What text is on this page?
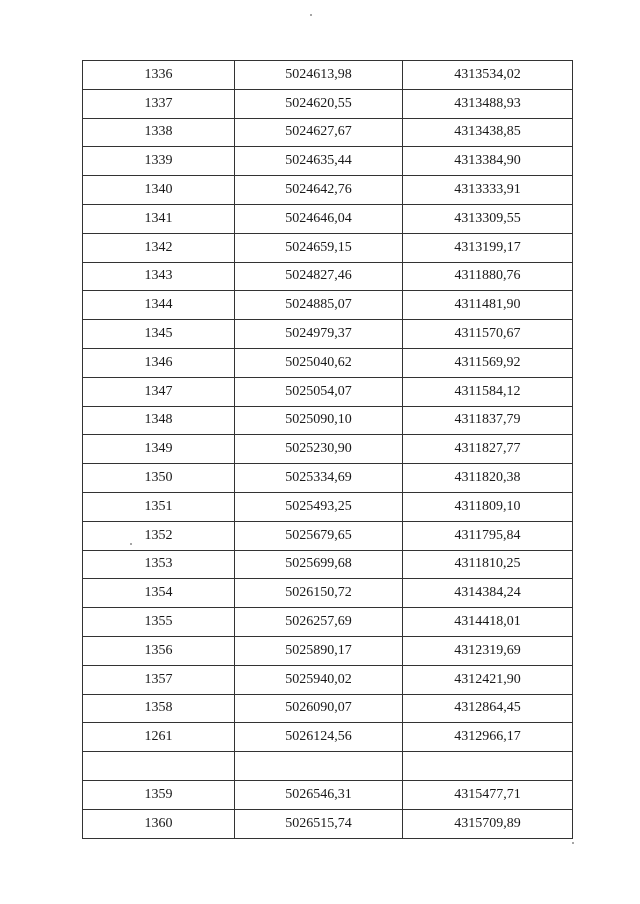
1336	5024613,98	4313534,02
1337	5024620,55	4313488,93
1338	5024627,67	4313438,85
1339	5024635,44	4313384,90
1340	5024642,76	4313333,91
1341	5024646,04	4313309,55
1342	5024659,15	4313199,17
1343	5024827,46	4311880,76
1344	5024885,07	4311481,90
1345	5024979,37	4311570,67
1346	5025040,62	4311569,92
1347	5025054,07	4311584,12
1348	5025090,10	4311837,79
1349	5025230,90	4311827,77
1350	5025334,69	4311820,38
1351	5025493,25	4311809,10
1352	5025679,65	4311795,84
1353	5025699,68	4311810,25
1354	5026150,72	4314384,24
1355	5026257,69	4314418,01
1356	5025890,17	4312319,69
1357	5025940,02	4312421,90
1358	5026090,07	4312864,45
1261	5026124,56	4312966,17

1359	5026546,31	4315477,71
1360	5026515,74	4315709,89
